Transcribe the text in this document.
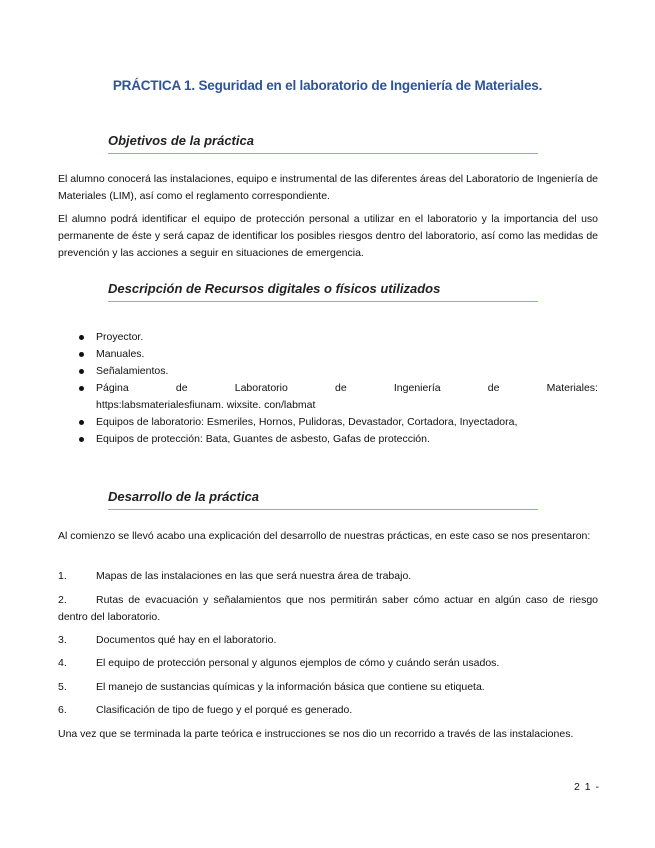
PRÁCTICA 1. Seguridad en el laboratorio de Ingeniería de Materiales.
Objetivos de la práctica
El alumno conocerá las instalaciones, equipo e instrumental de las diferentes áreas del Laboratorio de Ingeniería de Materiales (LIM), así como el reglamento correspondiente.
El alumno podrá identificar el equipo de protección personal a utilizar en el laboratorio y la importancia del uso permanente de éste y será capaz de identificar los posibles riesgos dentro del laboratorio, así como las medidas de prevención y las acciones a seguir en situaciones de emergencia.
Descripción de Recursos digitales o físicos utilizados
Proyector.
Manuales.
Señalamientos.
Página	de	Laboratorio	de	Ingeniería	de	Materiales:
https:labsmaterialesfiunam. wixsite. con/labmat
Equipos de laboratorio: Esmeriles, Hornos, Pulidoras, Devastador, Cortadora, Inyectadora,
Equipos de protección: Bata, Guantes de asbesto, Gafas de protección.
Desarrollo de la práctica
Al comienzo se llevó acabo una explicación del desarrollo de nuestras prácticas, en este caso se nos presentaron:
1.	Mapas de las instalaciones en las que será nuestra área de trabajo.
2.	Rutas de evacuación y señalamientos que nos permitirán saber cómo actuar en algún caso de riesgo dentro del laboratorio.
3.	Documentos qué hay en el laboratorio.
4.	El equipo de protección personal y algunos ejemplos de cómo y cuándo serán usados.
5.	El manejo de sustancias químicas y la información básica que contiene su etiqueta.
6.	Clasificación de tipo de fuego y el porqué es generado.
Una vez que se terminada la parte teórica e instrucciones se nos dio un recorrido a través de las instalaciones.
2 1 -
